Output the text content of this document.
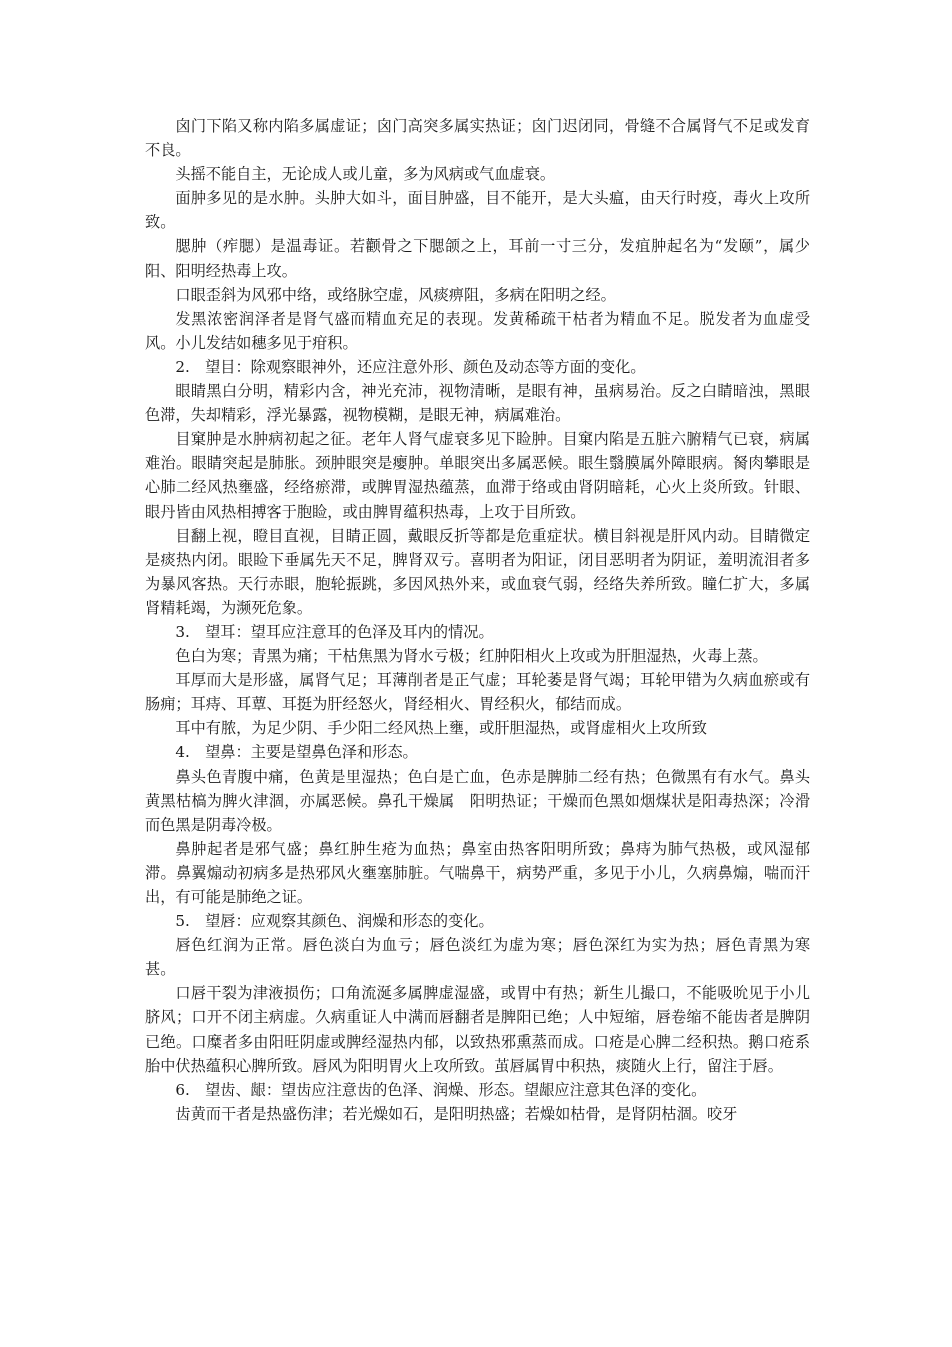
囟门下陷又称内陷多属虚证；囟门高突多属实热证；囟门迟闭同，骨缝不合属肾气不足或发育不良。

头摇不能自主，无论成人或儿童，多为风病或气血虚衰。

面肿多见的是水肿。头肿大如斗，面目肿盛，目不能开，是大头瘟，由天行时疫，毒火上攻所致。

腮肿（痄腮）是温毒证。若颧骨之下腮颌之上，耳前一寸三分，发疽肿起名为“发颐”，属少阳、阳明经热毒上攻。

口眼歪斜为风邪中络，或络脉空虚，风痰痹阻，多病在阳明之经。

发黑浓密润泽者是肾气盛而精血充足的表现。发黄稀疏干枯者为精血不足。脱发者为血虚受风。小儿发结如穗多见于疳积。

2.　望目：除观察眼神外，还应注意外形、颜色及动态等方面的变化。

眼睛黑白分明，精彩内含，神光充沛，视物清晰，是眼有神，虽病易治。反之白睛暗浊，黑眼色滞，失却精彩，浮光暴露，视物模糊，是眼无神，病属难治。

目窠肿是水肿病初起之征。老年人肾气虚衰多见下睑肿。目窠内陷是五脏六腑精气已衰，病属难治。眼睛突起是肺胀。颈肿眼突是瘿肿。单眼突出多属恶候。眼生翳膜属外障眼病。胬肉攀眼是心肺二经风热壅盛，经络瘀滞，或脾胃湿热蕴蒸，血滞于络或由肾阴暗耗，心火上炎所致。针眼、眼丹皆由风热相搏客于胞睑，或由脾胃蕴积热毒，上攻于目所致。

目翻上视，瞪目直视，目睛正圆，戴眼反折等都是危重症状。横目斜视是肝风内动。目睛微定是痰热内闭。眼睑下垂属先天不足，脾肾双亏。喜明者为阳证，闭目恶明者为阴证，羞明流泪者多为暴风客热。天行赤眼，胞轮振跳，多因风热外来，或血衰气弱，经络失养所致。瞳仁扩大，多属肾精耗竭，为濒死危象。

3.　望耳：望耳应注意耳的色泽及耳内的情况。

色白为寒；青黑为痛；干枯焦黑为肾水亏极；红肿阳相火上攻或为肝胆湿热，火毒上蒸。

耳厚而大是形盛，属肾气足；耳薄削者是正气虚；耳轮萎是肾气竭；耳轮甲错为久病血瘀或有肠痈；耳痔、耳蕈、耳挺为肝经怒火，肾经相火、胃经积火，郁结而成。

耳中有脓，为足少阴、手少阳二经风热上壅，或肝胆湿热，或肾虚相火上攻所致

4.　望鼻：主要是望鼻色泽和形态。

鼻头色青腹中痛，色黄是里湿热；色白是亡血，色赤是脾肺二经有热；色微黑有有水气。鼻头黄黑枯槁为脾火津涸，亦属恶候。鼻孔干燥属　阳明热证；干燥而色黑如烟煤状是阳毒热深；冷滑而色黑是阴毒冷极。

鼻肿起者是邪气盛；鼻红肿生疮为血热；鼻室由热客阳明所致；鼻痔为肺气热极，或风湿郁滞。鼻翼煽动初病多是热邪风火壅塞肺脏。气喘鼻干，病势严重，多见于小儿，久病鼻煽，喘而汗出，有可能是肺绝之证。

5.　望唇：应观察其颜色、润燥和形态的变化。

唇色红润为正常。唇色淡白为血亏；唇色淡红为虚为寒；唇色深红为实为热；唇色青黑为寒甚。

口唇干裂为津液损伤；口角流涎多属脾虚湿盛，或胃中有热；新生儿撮口，不能吸吮见于小儿脐风；口开不闭主病虚。久病重证人中满而唇翻者是脾阳已绝；人中短缩，唇卷缩不能齿者是脾阴已绝。口糜者多由阳旺阴虚或脾经湿热内郁，以致热邪熏蒸而成。口疮是心脾二经积热。鹅口疮系胎中伏热蕴积心脾所致。唇风为阳明胃火上攻所致。茧唇属胃中积热，痰随火上行，留注于唇。

6.　望齿、龈：望齿应注意齿的色泽、润燥、形态。望龈应注意其色泽的变化。

齿黄而干者是热盛伤津；若光燥如石，是阳明热盛；若燥如枯骨，是肾阴枯涸。咬牙
